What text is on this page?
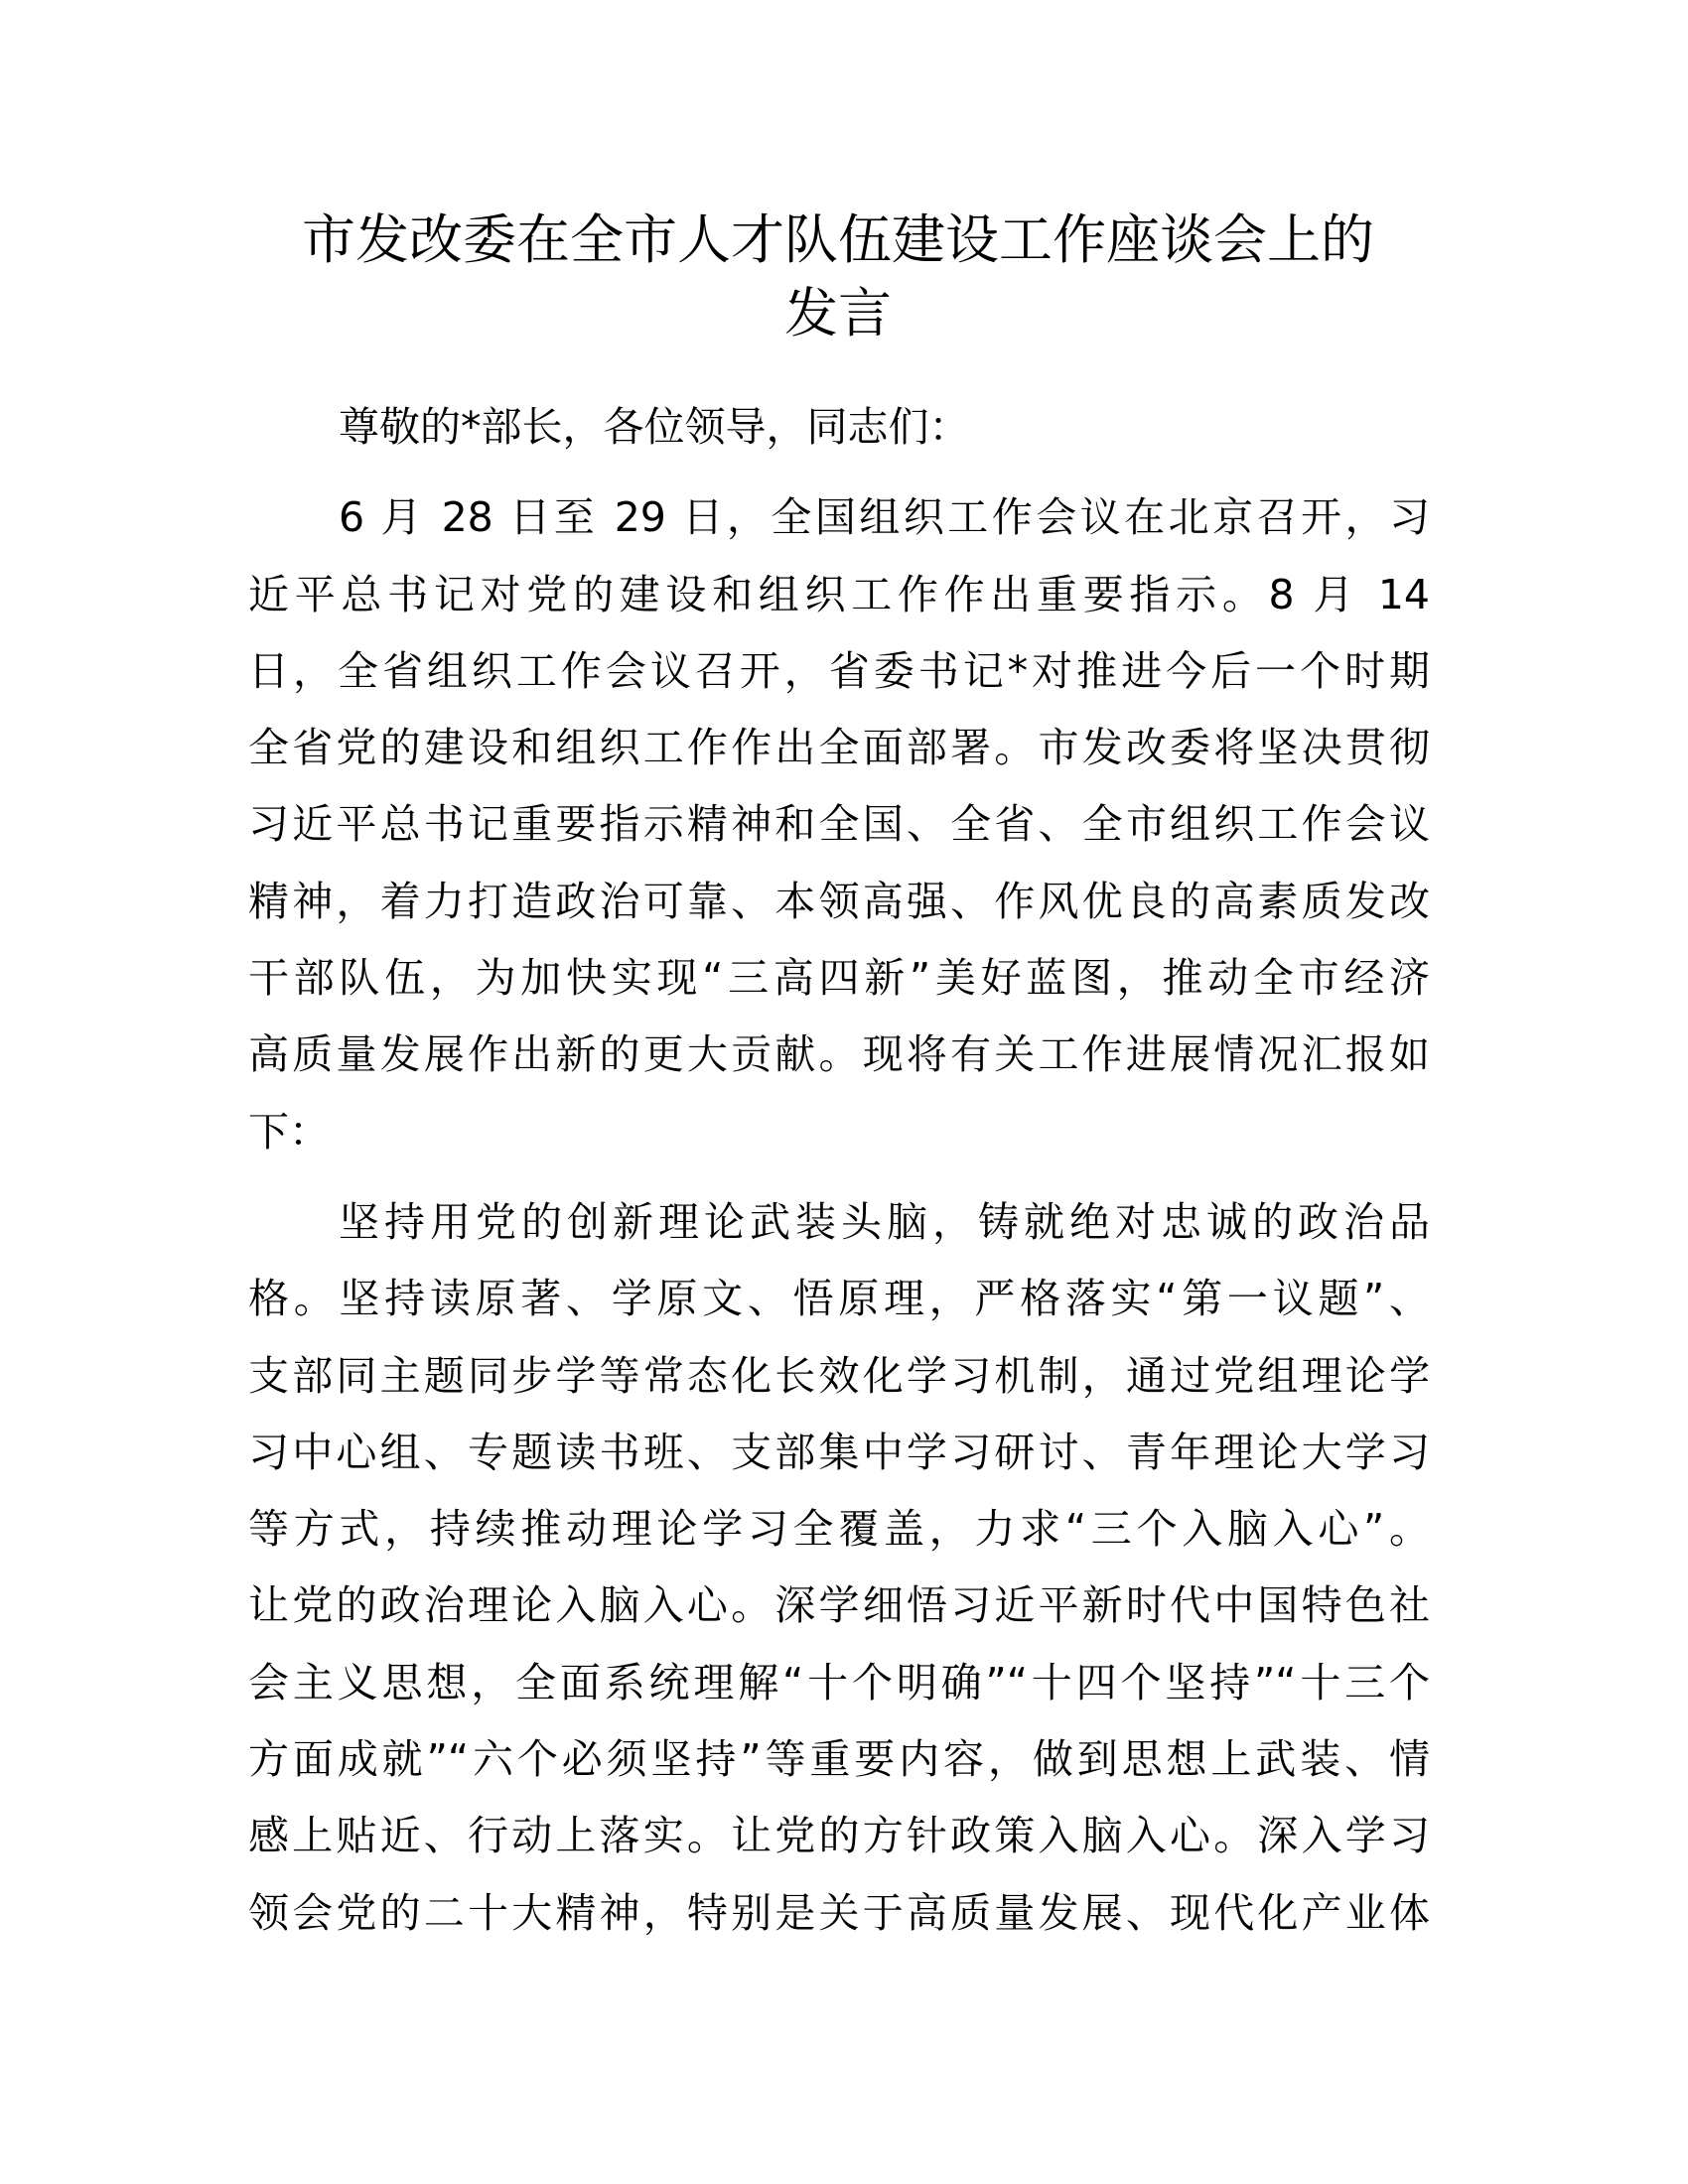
市发改委在全市人才队伍建设工作座谈会上的
发言
尊敬的*部长，各位领导，同志们：
6 月 28 日至 29 日，全国组织工作会议在北京召开，习
近平总书记对党的建设和组织工作作出重要指示。8 月 14
日，全省组织工作会议召开，省委书记*对推进今后一个时期
全省党的建设和组织工作作出全面部署。市发改委将坚决贯彻
习近平总书记重要指示精神和全国、全省、全市组织工作会议
精神，着力打造政治可靠、本领高强、作风优良的高素质发改
干部队伍，为加快实现“三高四新”美好蓝图，推动全市经济
高质量发展作出新的更大贡献。现将有关工作进展情况汇报如
下：
坚持用党的创新理论武装头脑，铸就绝对忠诚的政治品
格。坚持读原著、学原文、悟原理，严格落实“第一议题”、
支部同主题同步学等常态化长效化学习机制，通过党组理论学
习中心组、专题读书班、支部集中学习研讨、青年理论大学习
等方式，持续推动理论学习全覆盖，力求“三个入脑入心”。
让党的政治理论入脑入心。深学细悟习近平新时代中国特色社
会主义思想，全面系统理解“十个明确”“十四个坚持”“十三个
方面成就”“六个必须坚持”等重要内容，做到思想上武装、情
感上贴近、行动上落实。让党的方针政策入脑入心。深入学习
领会党的二十大精神，特别是关于高质量发展、现代化产业体
